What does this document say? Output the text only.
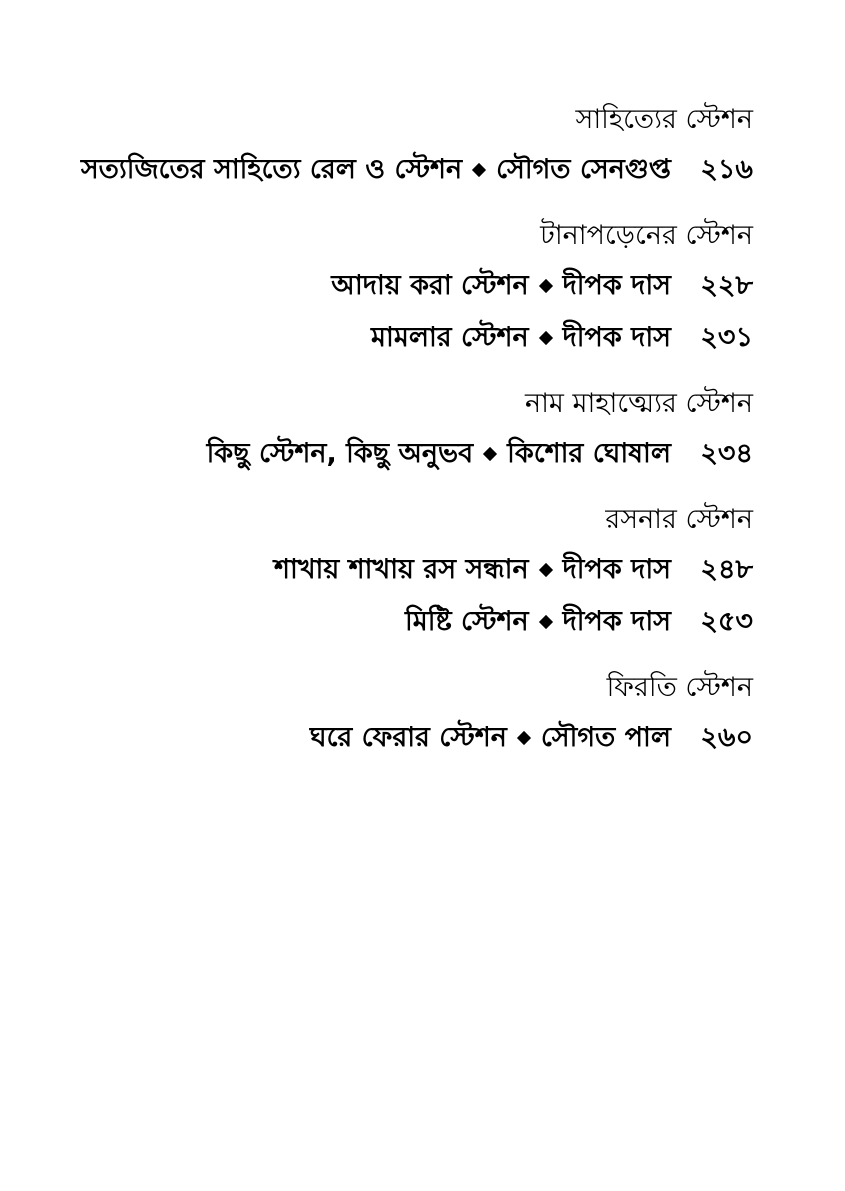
সাহিত্যের স্টেশন
সত্যজিতের সাহিত্যে রেল ও স্টেশন সৌগত সেনগুপ্ত ২১৬
টানাপড়েনের স্টেশন
আদায় করা স্টেশন দীপক দাস ২২৮
মামলার স্টেশন দীপক দাস ২৩১
নাম মাহাত্ম্যের স্টেশন
কিছু স্টেশন, কিছু অনুভব কিশোর ঘোষাল ২৩৪
রসনার স্টেশন
শাখায় শাখায় রস সন্ধান দীপক দাস ২৪৮
মিষ্টি স্টেশন দীপক দাস ২৫৩
ফিরতি স্টেশন
ঘরে ফেরার স্টেশন সৌগত পাল ২৬০
